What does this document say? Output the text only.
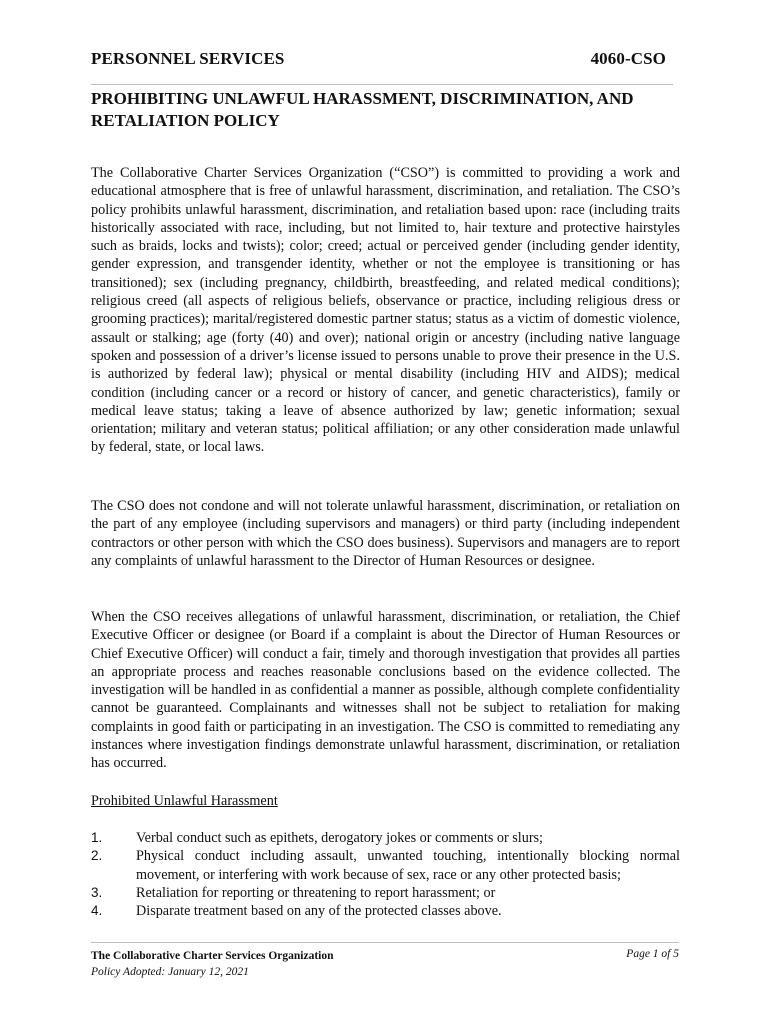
PERSONNEL SERVICES	4060-CSO
PROHIBITING UNLAWFUL HARASSMENT, DISCRIMINATION, AND RETALIATION POLICY

The Collaborative Charter Services Organization (“CSO”) is committed to providing a work and educational atmosphere that is free of unlawful harassment, discrimination, and retaliation. The CSO’s policy prohibits unlawful harassment, discrimination, and retaliation based upon: race (including traits historically associated with race, including, but not limited to, hair texture and protective hairstyles such as braids, locks and twists); color; creed; actual or perceived gender (including gender identity, gender expression, and transgender identity, whether or not the employee is transitioning or has transitioned); sex (including pregnancy, childbirth, breastfeeding, and related medical conditions); religious creed (all aspects of religious beliefs, observance or practice, including religious dress or grooming practices); marital/registered domestic partner status; status as a victim of domestic violence, assault or stalking; age (forty (40) and over); national origin or ancestry (including native language spoken and possession of a driver’s license issued to persons unable to prove their presence in the U.S. is authorized by federal law); physical or mental disability (including HIV and AIDS); medical condition (including cancer or a record or history of cancer, and genetic characteristics), family or medical leave status; taking a leave of absence authorized by law; genetic information; sexual orientation; military and veteran status; political affiliation; or any other consideration made unlawful by federal, state, or local laws.

The CSO does not condone and will not tolerate unlawful harassment, discrimination, or retaliation on the part of any employee (including supervisors and managers) or third party (including independent contractors or other person with which the CSO does business). Supervisors and managers are to report any complaints of unlawful harassment to the Director of Human Resources or designee.

When the CSO receives allegations of unlawful harassment, discrimination, or retaliation, the Chief Executive Officer or designee (or Board if a complaint is about the Director of Human Resources or Chief Executive Officer) will conduct a fair, timely and thorough investigation that provides all parties an appropriate process and reaches reasonable conclusions based on the evidence collected. The investigation will be handled in as confidential a manner as possible, although complete confidentiality cannot be guaranteed. Complainants and witnesses shall not be subject to retaliation for making complaints in good faith or participating in an investigation. The CSO is committed to remediating any instances where investigation findings demonstrate unlawful harassment, discrimination, or retaliation has occurred.

Prohibited Unlawful Harassment

1.	Verbal conduct such as epithets, derogatory jokes or comments or slurs;
2.	Physical conduct including assault, unwanted touching, intentionally blocking normal movement, or interfering with work because of sex, race or any other protected basis;
3.	Retaliation for reporting or threatening to report harassment; or
4.	Disparate treatment based on any of the protected classes above.
The Collaborative Charter Services Organization
Policy Adopted: January 12, 2021
Page 1 of 5
